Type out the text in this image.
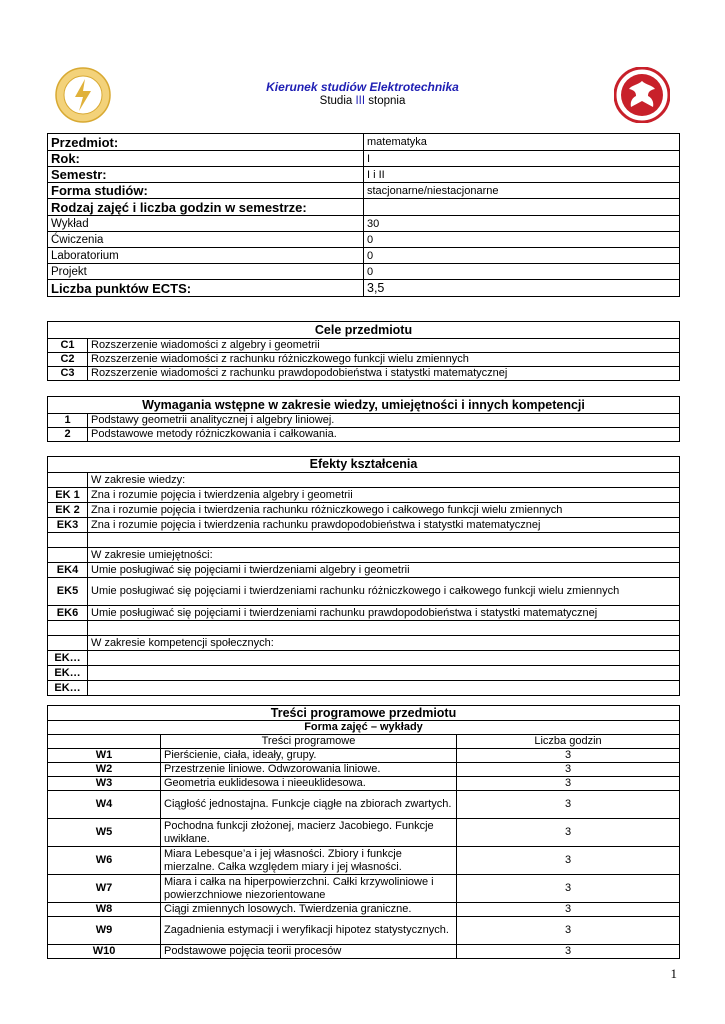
Kierunek studiów Elektrotechnika
Studia III stopnia
Przedmiot:	matematyka
Rok:	I
Semestr:	I i II
Forma studiów:	stacjonarne/niestacjonarne
Rodzaj zajęć i liczba godzin w semestrze:	
Wykład	30
Ćwiczenia	0
Laboratorium	0
Projekt	0
Liczba punktów ECTS:	3,5
Cele przedmiotu	
C1	Rozszerzenie wiadomości z algebry i geometrii
C2	Rozszerzenie wiadomości z rachunku różniczkowego funkcji wielu zmiennych
C3	Rozszerzenie wiadomości z rachunku prawdopodobieństwa i statystki matematycznej
Wymagania wstępne w zakresie wiedzy, umiejętności i innych kompetencji	
1	Podstawy geometrii analitycznej i algebry liniowej.
2	Podstawowe metody różniczkowania i całkowania.
Efekty kształcenia	
	W zakresie wiedzy:
EK 1	Zna i rozumie pojęcia i twierdzenia algebry i geometrii
EK 2	Zna i rozumie pojęcia i twierdzenia rachunku różniczkowego i całkowego funkcji wielu zmiennych
EK3	Zna i rozumie pojęcia i twierdzenia rachunku prawdopodobieństwa i statystki matematycznej

	W zakresie umiejętności:
EK4	Umie posługiwać się pojęciami i twierdzeniami algebry i geometrii
EK5	Umie posługiwać się pojęciami i twierdzeniami rachunku różniczkowego i całkowego funkcji wielu zmiennych
EK6	Umie posługiwać się pojęciami i twierdzeniami rachunku prawdopodobieństwa i statystki matematycznej

	W zakresie kompetencji społecznych:
EK…	
EK…	
EK…	
Treści programowe przedmiotu		
Forma zajęć – wykłady		
	Treści programowe	Liczba godzin
W1	Pierścienie, ciała, ideały, grupy.	3
W2	Przestrzenie liniowe. Odwzorowania liniowe.	3
W3	Geometria euklidesowa i nieeuklidesowa.	3
W4	Ciągłość jednostajna. Funkcje ciągłe na zbiorach zwartych.	3
W5	Pochodna funkcji złożonej, macierz Jacobiego. Funkcje uwikłane.	3
W6	Miara Lebesque’a i jej własności. Zbiory i funkcje mierzalne. Całka względem miary i jej własności.	3
W7	Miara i całka na hiperpowierzchni. Całki krzywoliniowe i powierzchniowe niezorientowane	3
W8	Ciągi zmiennych losowych. Twierdzenia graniczne.	3
W9	Zagadnienia estymacji i weryfikacji hipotez statystycznych.	3
W10	Podstawowe pojęcia teorii procesów	3
1
